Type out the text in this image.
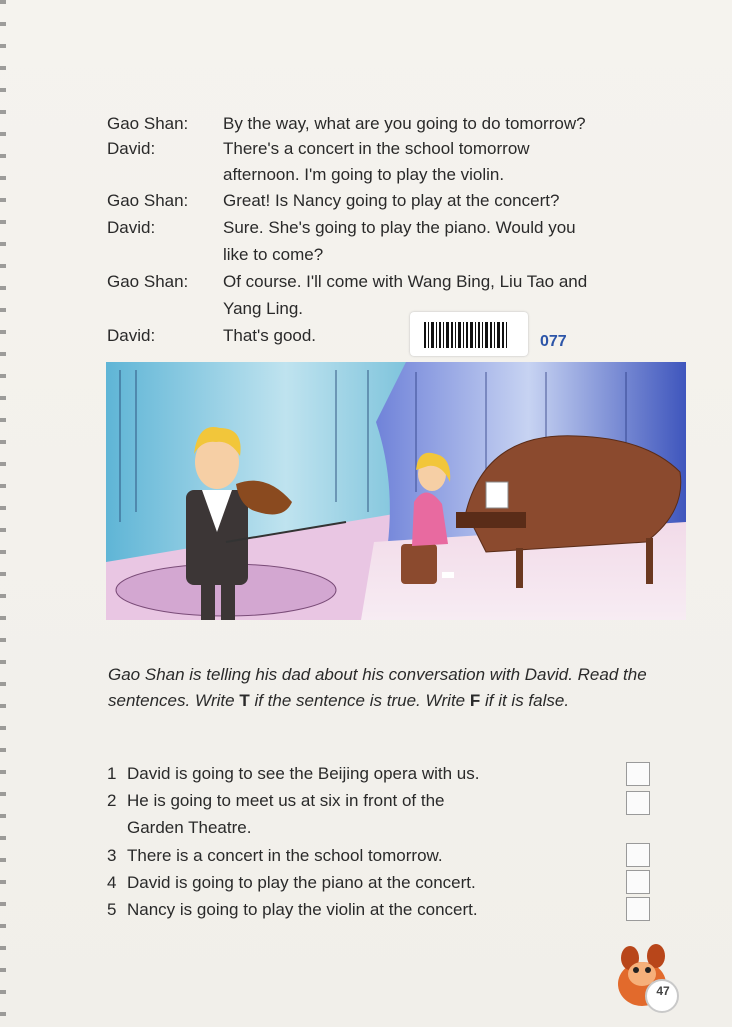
Gao Shan: By the way, what are you going to do tomorrow?
David:	There's a concert in the school tomorrow
afternoon. I'm going to play the violin.
Gao Shan: Great! Is Nancy going to play at the concert?
David:	Sure. She's going to play the piano. Would you
like to come?
Gao Shan: Of course. I'll come with Wang Bing, Liu Tao and
Yang Ling.
David:	That's good.	077
Gao Shan is telling his dad about his conversation with David. Read the sentences. Write T if the sentence is true. Write F if it is false.
1 David is going to see the Beijing opera with us.
2 He is going to meet us at six in front of the
Garden Theatre.
3 There is a concert in the school tomorrow.
4 David is going to play the piano at the concert.
5 Nancy is going to play the violin at the concert.
47
